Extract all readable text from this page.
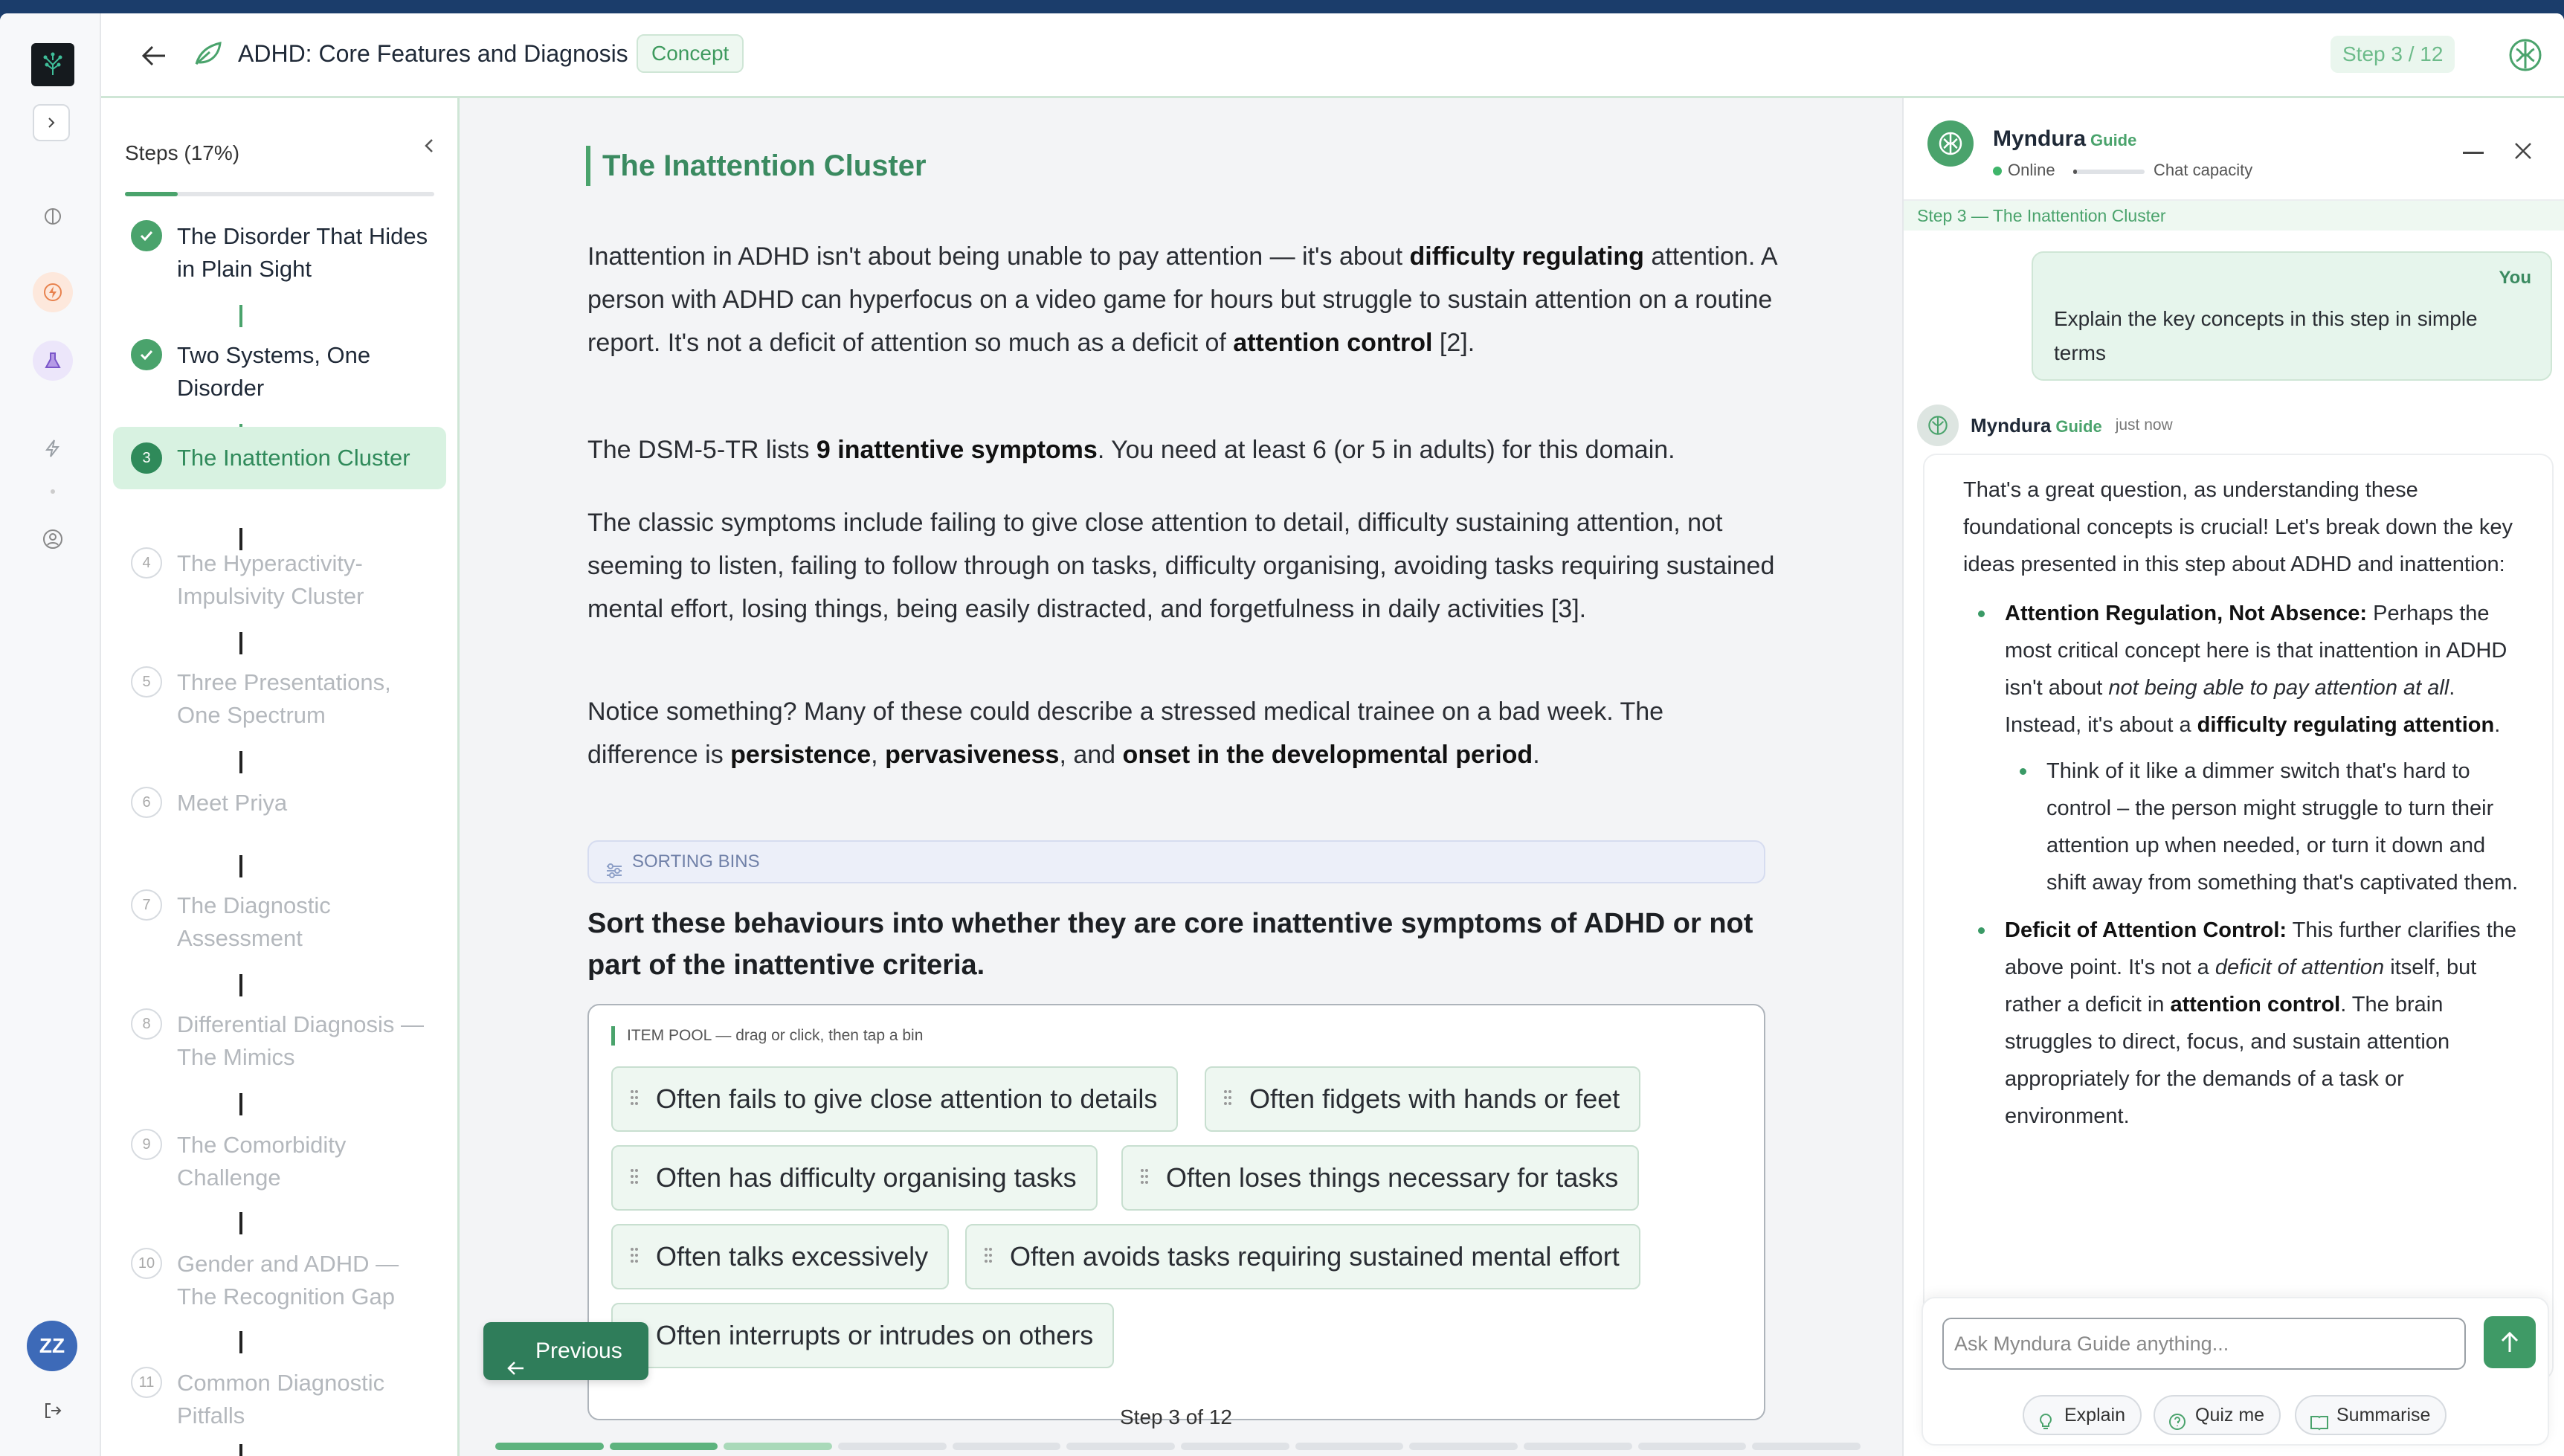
ZZ
ADHD: Core Features and Diagnosis	Concept	Step 3 / 12
Steps (17%)
The Disorder That Hides
in Plain Sight
Two Systems, One
Disorder
3	The Inattention Cluster
4	The Hyperactivity-
Impulsivity Cluster
5	Three Presentations,
One Spectrum
6	Meet Priya
7	The Diagnostic
Assessment
8	Differential Diagnosis —
The Mimics
9	The Comorbidity
Challenge
10 Gender and ADHD —
The Recognition Gap
11 Common Diagnostic
Pitfalls
The Inattention Cluster
Inattention in ADHD isn't about being unable to pay attention — it's about difficulty regulating attention. A person with ADHD can hyperfocus on a video game for hours but struggle to sustain attention on a routine report. It's not a deficit of attention so much as a deficit of attention control [2].
The DSM-5-TR lists 9 inattentive symptoms. You need at least 6 (or 5 in adults) for this domain.
The classic symptoms include failing to give close attention to detail, difficulty sustaining attention, not seeming to listen, failing to follow through on tasks, difficulty organising, avoiding tasks requiring sustained mental effort, losing things, being easily distracted, and forgetfulness in daily activities [3].
Notice something? Many of these could describe a stressed medical trainee on a bad week. The difference is persistence, pervasiveness, and onset in the developmental period.
SORTING BINS
Sort these behaviours into whether they are core inattentive symptoms of ADHD or not part of the inattentive criteria.
ITEM POOL — drag or click, then tap a bin
Often fails to give close attention to details	Often fidgets with hands or feet
Often has difficulty organising tasks	Often loses things necessary for tasks
Often talks excessively	Often avoids tasks requiring sustained mental effort
Often interrupts or intrudes on others
Previous
Step 3 of 12
Myndura Guide
Online	Chat capacity
Step 3 — The Inattention Cluster
You
Explain the key concepts in this step in simple terms
Myndura Guide just now

That's a great question, as understanding these foundational concepts is crucial! Let's break down the key ideas presented in this step about ADHD and inattention:

Attention Regulation, Not Absence: Perhaps the most critical concept here is that inattention in ADHD isn't about not being able to pay attention at all. Instead, it's about a difficulty regulating attention.
Think of it like a dimmer switch that's hard to control – the person might struggle to turn their attention up when needed, or turn it down and shift away from something that's captivated them.
Deficit of Attention Control: This further clarifies the above point. It's not a deficit of attention itself, but rather a deficit in attention control. The brain struggles to direct, focus, and sustain attention appropriately for the demands of a task or environment.
Ask Myndura Guide anything...
Explain	Quiz me	Summarise
